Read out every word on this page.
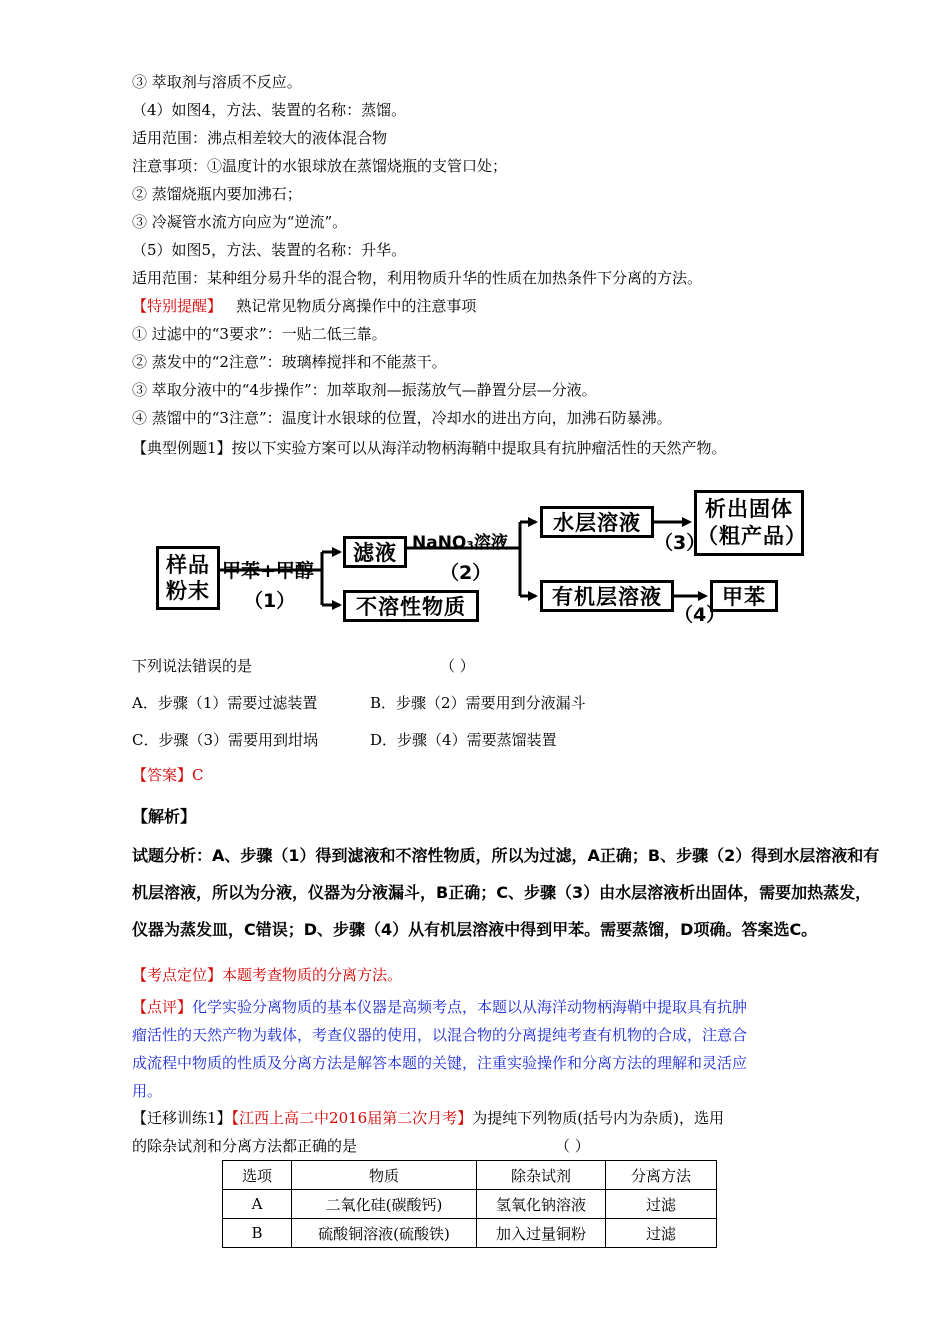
③ 萃取剂与溶质不反应。
（4）如图4，方法、装置的名称：蒸馏。
适用范围：沸点相差较大的液体混合物
注意事项：①温度计的水银球放在蒸馏烧瓶的支管口处；
② 蒸馏烧瓶内要加沸石；
③ 冷凝管水流方向应为“逆流”。
（5）如图5，方法、装置的名称：升华。
适用范围：某种组分易升华的混合物，利用物质升华的性质在加热条件下分离的方法。
【特别提醒】 熟记常见物质分离操作中的注意事项
① 过滤中的“3要求”：一贴二低三靠。
② 蒸发中的“2注意”：玻璃棒搅拌和不能蒸干。
③ 萃取分液中的“4步操作”：加萃取剂—振荡放气—静置分层—分液。
④ 蒸馏中的“3注意”：温度计水银球的位置，冷却水的进出方向，加沸石防暴沸。
【典型例题1】按以下实验方案可以从海洋动物柄海鞘中提取具有抗肿瘤活性的天然产物。
样品
粉末
甲苯+甲醇
（1）
滤液
不溶性物质
NaNO₃溶液
（2）
水层溶液
有机层溶液
（3）
（4）
析出固体
（粗产品）
甲苯
下列说法错误的是	（ ）
A．步骤（1）需要过滤装置	B．步骤（2）需要用到分液漏斗
C．步骤（3）需要用到坩埚	D．步骤（4）需要蒸馏装置
【答案】C
【解析】
试题分析：A、步骤（1）得到滤液和不溶性物质，所以为过滤，A正确；B、步骤（2）得到水层溶液和有
机层溶液，所以为分液，仪器为分液漏斗，B正确；C、步骤（3）由水层溶液析出固体，需要加热蒸发，
仪器为蒸发皿，C错误；D、步骤（4）从有机层溶液中得到甲苯。需要蒸馏，D项确。答案选C。
【考点定位】本题考查物质的分离方法。
【点评】化学实验分离物质的基本仪器是高频考点，本题以从海洋动物柄海鞘中提取具有抗肿
瘤活性的天然产物为载体，考查仪器的使用，以混合物的分离提纯考查有机物的合成，注意合
成流程中物质的性质及分离方法是解答本题的关键，注重实验操作和分离方法的理解和灵活应
用。
【迁移训练1】【江西上高二中2016届第二次月考】为提纯下列物质(括号内为杂质)，选用
的除杂试剂和分离方法都正确的是	（ ）
选项	物质	除杂试剂	分离方法
A	二氧化硅(碳酸钙)	氢氧化钠溶液	过滤
B	硫酸铜溶液(硫酸铁)	加入过量铜粉	过滤
